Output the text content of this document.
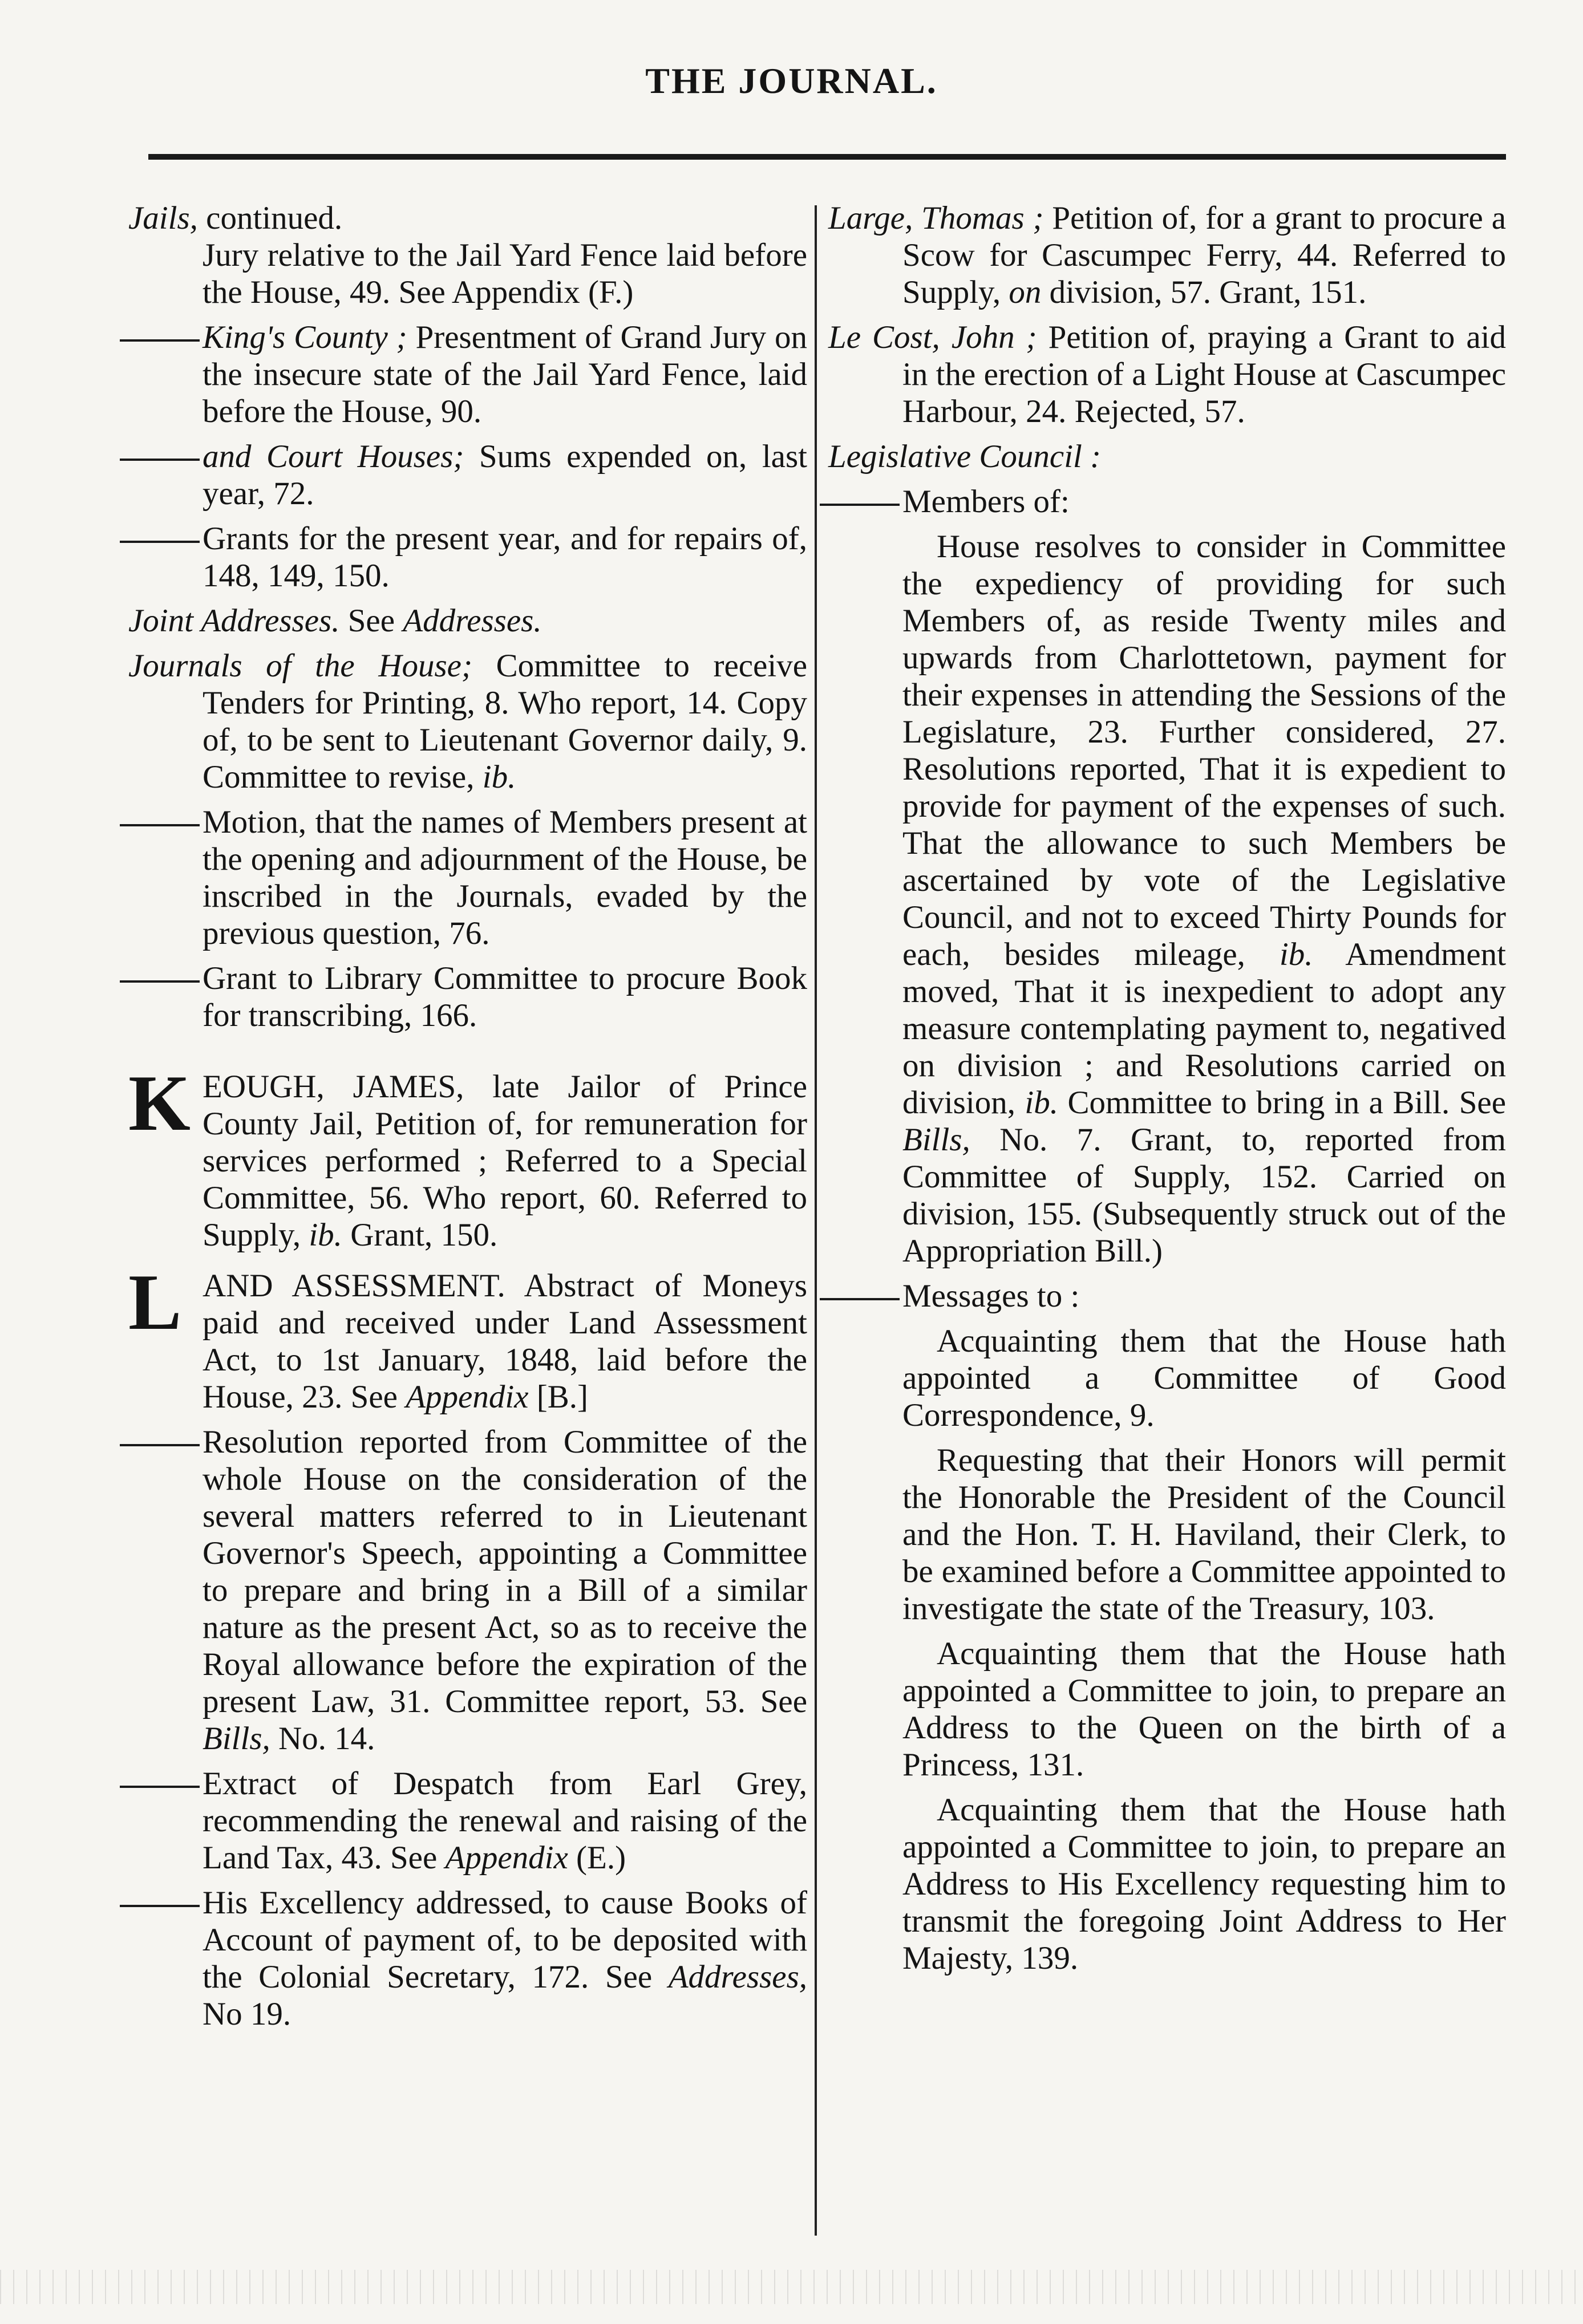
THE JOURNAL.

Jails, continued.
Jury relative to the Jail Yard Fence laid before the House, 49. See Appendix (F.)

King's County ; Presentment of Grand Jury on the insecure state of the Jail Yard Fence, laid before the House, 90.

and Court Houses; Sums expended on, last year, 72.

Grants for the present year, and for repairs of, 148, 149, 150.

Joint Addresses. See Addresses.

Journals of the House; Committee to receive Tenders for Printing, 8. Who report, 14. Copy of, to be sent to Lieutenant Governor daily, 9. Committee to revise, ib.

Motion, that the names of Members present at the opening and adjournment of the House, be inscribed in the Journals, evaded by the previous question, 76.

Grant to Library Committee to procure Book for transcribing, 166.

K EOUGH, JAMES, late Jailor of Prince County Jail, Petition of, for remuneration for services performed ; Referred to a Special Committee, 56. Who report, 60. Referred to Supply, ib. Grant, 150.

L AND ASSESSMENT. Abstract of Moneys paid and received under Land Assessment Act, to 1st January, 1848, laid before the House, 23. See Appendix [B.]

Resolution reported from Committee of the whole House on the consideration of the several matters referred to in Lieutenant Governor's Speech, appointing a Committee to prepare and bring in a Bill of a similar nature as the present Act, so as to receive the Royal allowance before the expiration of the present Law, 31. Committee report, 53. See Bills, No. 14.

Extract of Despatch from Earl Grey, recommending the renewal and raising of the Land Tax, 43. See Appendix (E.)

His Excellency addressed, to cause Books of Account of payment of, to be deposited with the Colonial Secretary, 172. See Addresses, No 19.

Large, Thomas ; Petition of, for a grant to procure a Scow for Cascumpec Ferry, 44. Referred to Supply, on division, 57. Grant, 151.

Le Cost, John ; Petition of, praying a Grant to aid in the erection of a Light House at Cascumpec Harbour, 24. Rejected, 57.

Legislative Council :

Members of:

House resolves to consider in Committee the expediency of providing for such Members of, as reside Twenty miles and upwards from Charlottetown, payment for their expenses in attending the Sessions of the Legislature, 23. Further considered, 27. Resolutions reported, That it is expedient to provide for payment of the expenses of such. That the allowance to such Members be ascertained by vote of the Legislative Council, and not to exceed Thirty Pounds for each, besides mileage, ib. Amendment moved, That it is inexpedient to adopt any measure contemplating payment to, negatived on division ; and Resolutions carried on division, ib. Committee to bring in a Bill. See Bills, No. 7. Grant, to, reported from Committee of Supply, 152. Carried on division, 155. (Subsequently struck out of the Appropriation Bill.)

Messages to :

Acquainting them that the House hath appointed a Committee of Good Correspondence, 9.

Requesting that their Honors will permit the Honorable the President of the Council and the Hon. T. H. Haviland, their Clerk, to be examined before a Committee appointed to investigate the state of the Treasury, 103.

Acquainting them that the House hath appointed a Committee to join, to prepare an Address to the Queen on the birth of a Princess, 131.

Acquainting them that the House hath appointed a Committee to join, to prepare an Address to His Excellency requesting him to transmit the foregoing Joint Address to Her Majesty, 139.
